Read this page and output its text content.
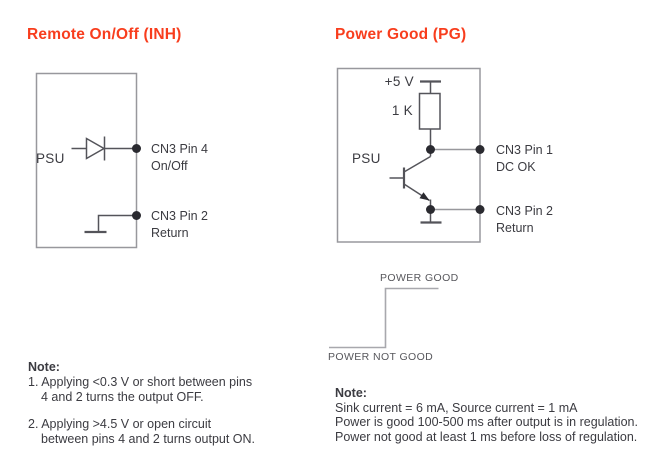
Remote On/Off (INH)	Power Good (PG)
PSU
CN3 Pin 4
On/Off
CN3 Pin 2
Return
+5 V
1 K
PSU
CN3 Pin 1
DC OK
CN3 Pin 2
Return
POWER GOOD
POWER NOT GOOD
Note:
1. Applying <0.3 V or short between pins
4 and 2 turns the output OFF.
2. Applying >4.5 V or open circuit
between pins 4 and 2 turns output ON.
Note:
Sink current = 6 mA, Source current = 1 mA
Power is good 100-500 ms after output is in regulation.
Power not good at least 1 ms before loss of regulation.
